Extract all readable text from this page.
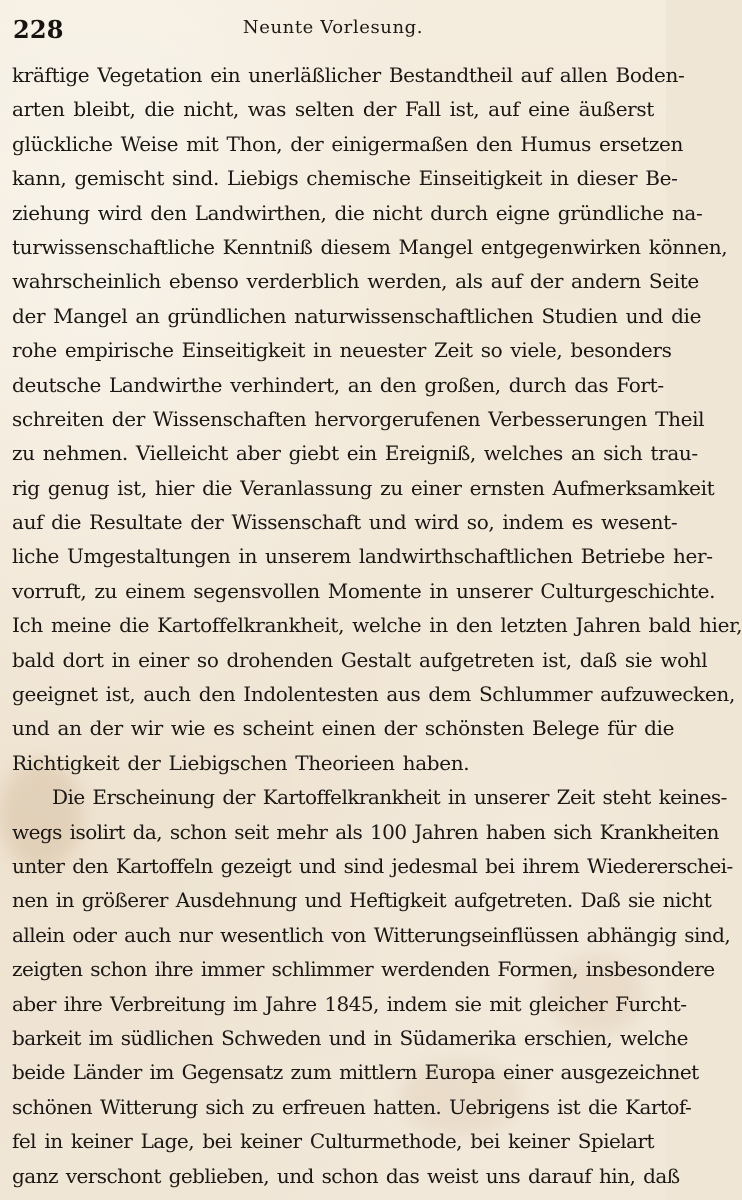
228	Neunte Vorlesung.
kräftige Vegetation ein unerläßlicher Bestandtheil auf allen Boden-
arten bleibt, die nicht, was selten der Fall ist, auf eine äußerst
glückliche Weise mit Thon, der einigermaßen den Humus ersetzen
kann, gemischt sind. Liebigs chemische Einseitigkeit in dieser Be-
ziehung wird den Landwirthen, die nicht durch eigne gründliche na-
turwissenschaftliche Kenntniß diesem Mangel entgegenwirken können,
wahrscheinlich ebenso verderblich werden, als auf der andern Seite
der Mangel an gründlichen naturwissenschaftlichen Studien und die
rohe empirische Einseitigkeit in neuester Zeit so viele, besonders
deutsche Landwirthe verhindert, an den großen, durch das Fort-
schreiten der Wissenschaften hervorgerufenen Verbesserungen Theil
zu nehmen. Vielleicht aber giebt ein Ereigniß, welches an sich trau-
rig genug ist, hier die Veranlassung zu einer ernsten Aufmerksamkeit
auf die Resultate der Wissenschaft und wird so, indem es wesent-
liche Umgestaltungen in unserem landwirthschaftlichen Betriebe her-
vorruft, zu einem segensvollen Momente in unserer Culturgeschichte.
Ich meine die Kartoffelkrankheit, welche in den letzten Jahren bald hier,
bald dort in einer so drohenden Gestalt aufgetreten ist, daß sie wohl
geeignet ist, auch den Indolentesten aus dem Schlummer aufzuwecken,
und an der wir wie es scheint einen der schönsten Belege für die
Richtigkeit der Liebigschen Theorieen haben.
Die Erscheinung der Kartoffelkrankheit in unserer Zeit steht keines-
wegs isolirt da, schon seit mehr als 100 Jahren haben sich Krankheiten
unter den Kartoffeln gezeigt und sind jedesmal bei ihrem Wiedererschei-
nen in größerer Ausdehnung und Heftigkeit aufgetreten. Daß sie nicht
allein oder auch nur wesentlich von Witterungseinflüssen abhängig sind,
zeigten schon ihre immer schlimmer werdenden Formen, insbesondere
aber ihre Verbreitung im Jahre 1845, indem sie mit gleicher Furcht-
barkeit im südlichen Schweden und in Südamerika erschien, welche
beide Länder im Gegensatz zum mittlern Europa einer ausgezeichnet
schönen Witterung sich zu erfreuen hatten. Uebrigens ist die Kartof-
fel in keiner Lage, bei keiner Culturmethode, bei keiner Spielart
ganz verschont geblieben, und schon das weist uns darauf hin, daß
